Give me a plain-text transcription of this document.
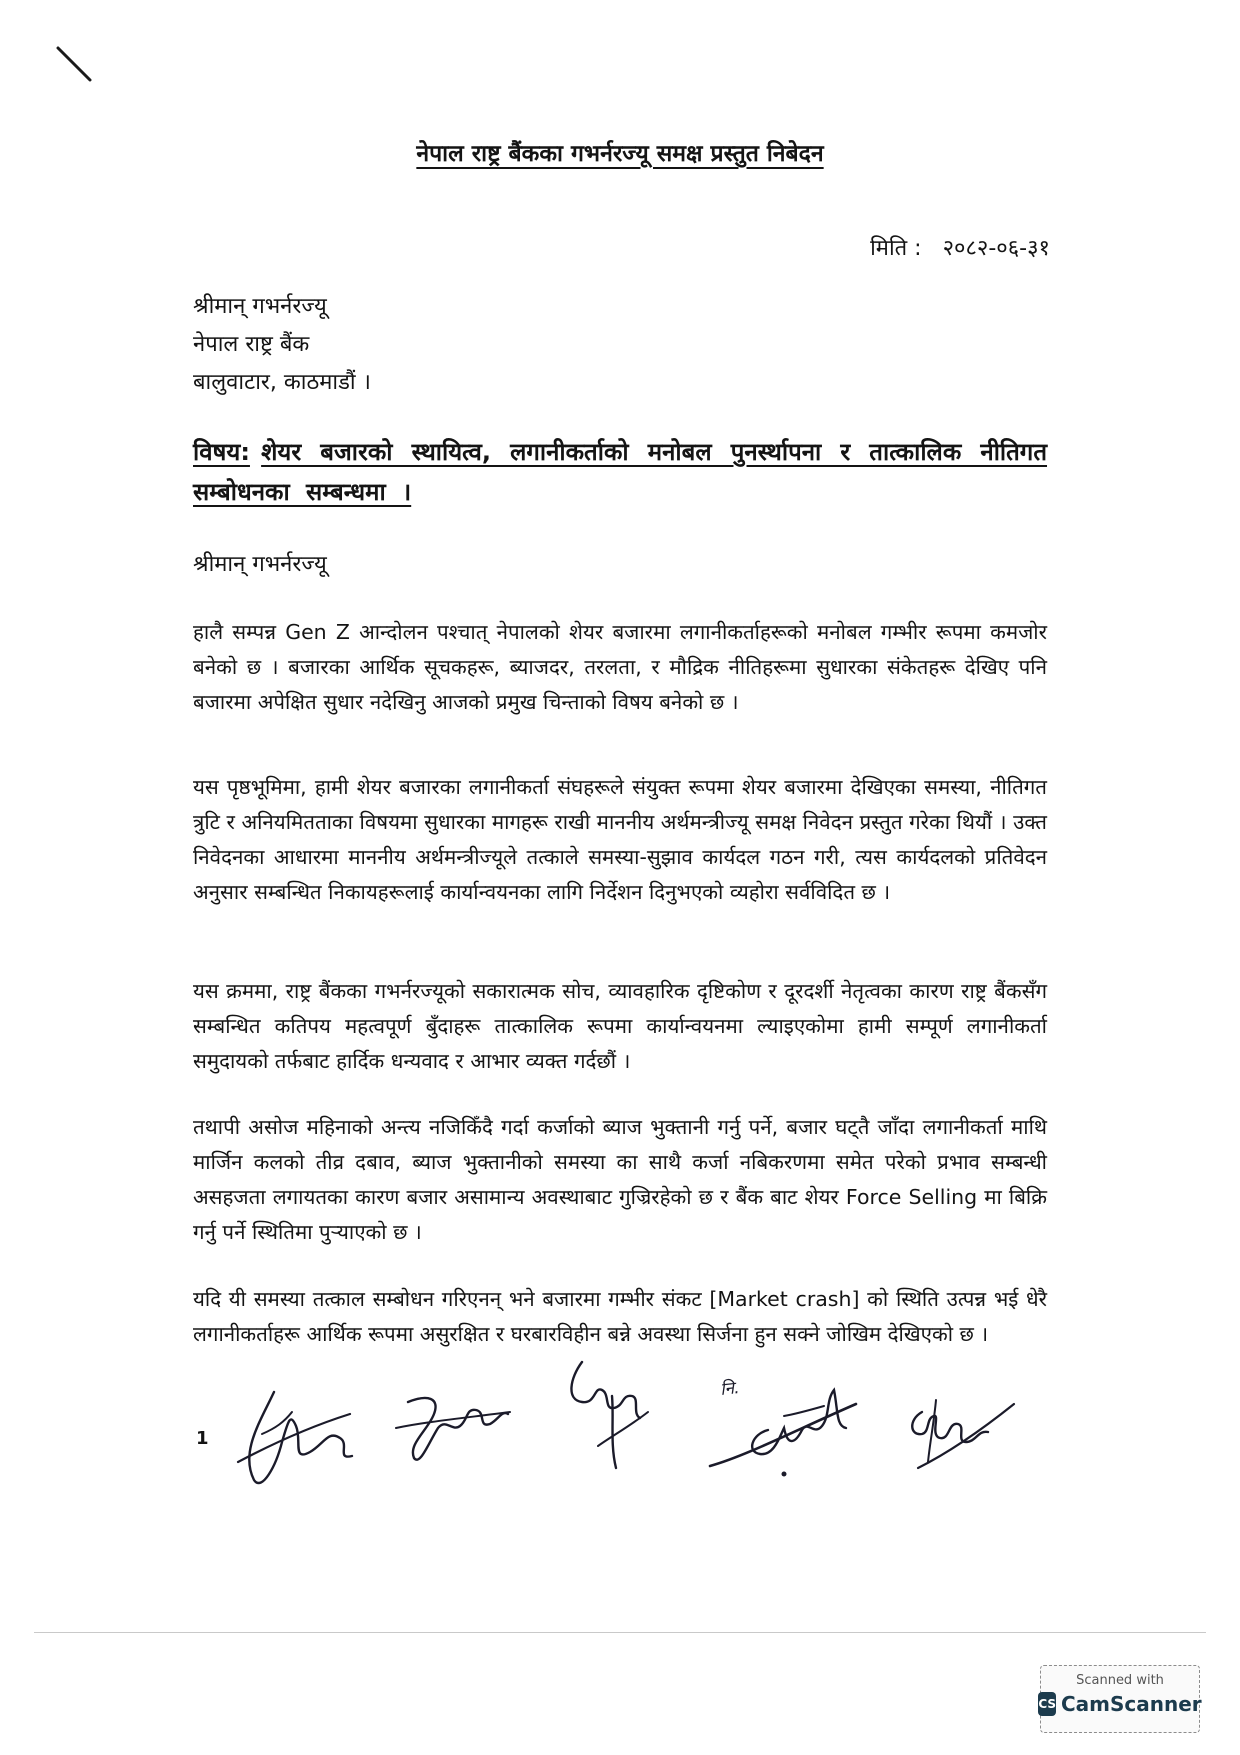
नेपाल राष्ट्र बैंकका गभर्नरज्यू समक्ष प्रस्तुत निबेदन
मिति : २०८२-०६-३१
श्रीमान् गभर्नरज्यू
नेपाल राष्ट्र बैंक
बालुवाटार, काठमाडौं ।
विषय: शेयर बजारको स्थायित्व, लगानीकर्ताको मनोबल पुनर्स्थापना र तात्कालिक नीतिगत सम्बोधनका सम्बन्धमा ।
श्रीमान् गभर्नरज्यू

हालै सम्पन्न Gen Z आन्दोलन पश्चात् नेपालको शेयर बजारमा लगानीकर्ताहरूको मनोबल गम्भीर रूपमा कमजोर बनेको छ । बजारका आर्थिक सूचकहरू, ब्याजदर, तरलता, र मौद्रिक नीतिहरूमा सुधारका संकेतहरू देखिए पनि बजारमा अपेक्षित सुधार नदेखिनु आजको प्रमुख चिन्ताको विषय बनेको छ ।

यस पृष्ठभूमिमा, हामी शेयर बजारका लगानीकर्ता संघहरूले संयुक्त रूपमा शेयर बजारमा देखिएका समस्या, नीतिगत त्रुटि र अनियमितताका विषयमा सुधारका मागहरू राखी माननीय अर्थमन्त्रीज्यू समक्ष निवेदन प्रस्तुत गरेका थियौं । उक्त निवेदनका आधारमा माननीय अर्थमन्त्रीज्यूले तत्काले समस्या-सुझाव कार्यदल गठन गरी, त्यस कार्यदलको प्रतिवेदन अनुसार सम्बन्धित निकायहरूलाई कार्यान्वयनका लागि निर्देशन दिनुभएको व्यहोरा सर्वविदित छ ।

यस क्रममा, राष्ट्र बैंकका गभर्नरज्यूको सकारात्मक सोच, व्यावहारिक दृष्टिकोण र दूरदर्शी नेतृत्वका कारण राष्ट्र बैंकसँग सम्बन्धित कतिपय महत्वपूर्ण बुँदाहरू तात्कालिक रूपमा कार्यान्वयनमा ल्याइएकोमा हामी सम्पूर्ण लगानीकर्ता समुदायको तर्फबाट हार्दिक धन्यवाद र आभार व्यक्त गर्दछौं ।

तथापी असोज महिनाको अन्त्य नजिकिँदै गर्दा कर्जाको ब्याज भुक्तानी गर्नु पर्ने, बजार घट्तै जाँदा लगानीकर्ता माथि मार्जिन कलको तीव्र दबाव, ब्याज भुक्तानीको समस्या का साथै कर्जा नबिकरणमा समेत परेको प्रभाव सम्बन्धी असहजता लगायतका कारण बजार असामान्य अवस्थाबाट गुज्रिरहेको छ र बैंक बाट शेयर Force Selling मा बिक्रि गर्नु पर्ने स्थितिमा पुऱ्याएको छ ।

यदि यी समस्या तत्काल सम्बोधन गरिएनन् भने बजारमा गम्भीर संकट [Market crash] को स्थिति उत्पन्न भई धेरै लगानीकर्ताहरू आर्थिक रूपमा असुरक्षित र घरबारविहीन बन्ने अवस्था सिर्जना हुन सक्ने जोखिम देखिएको छ ।

1
नि.
Scanned with
CS CamScanner
